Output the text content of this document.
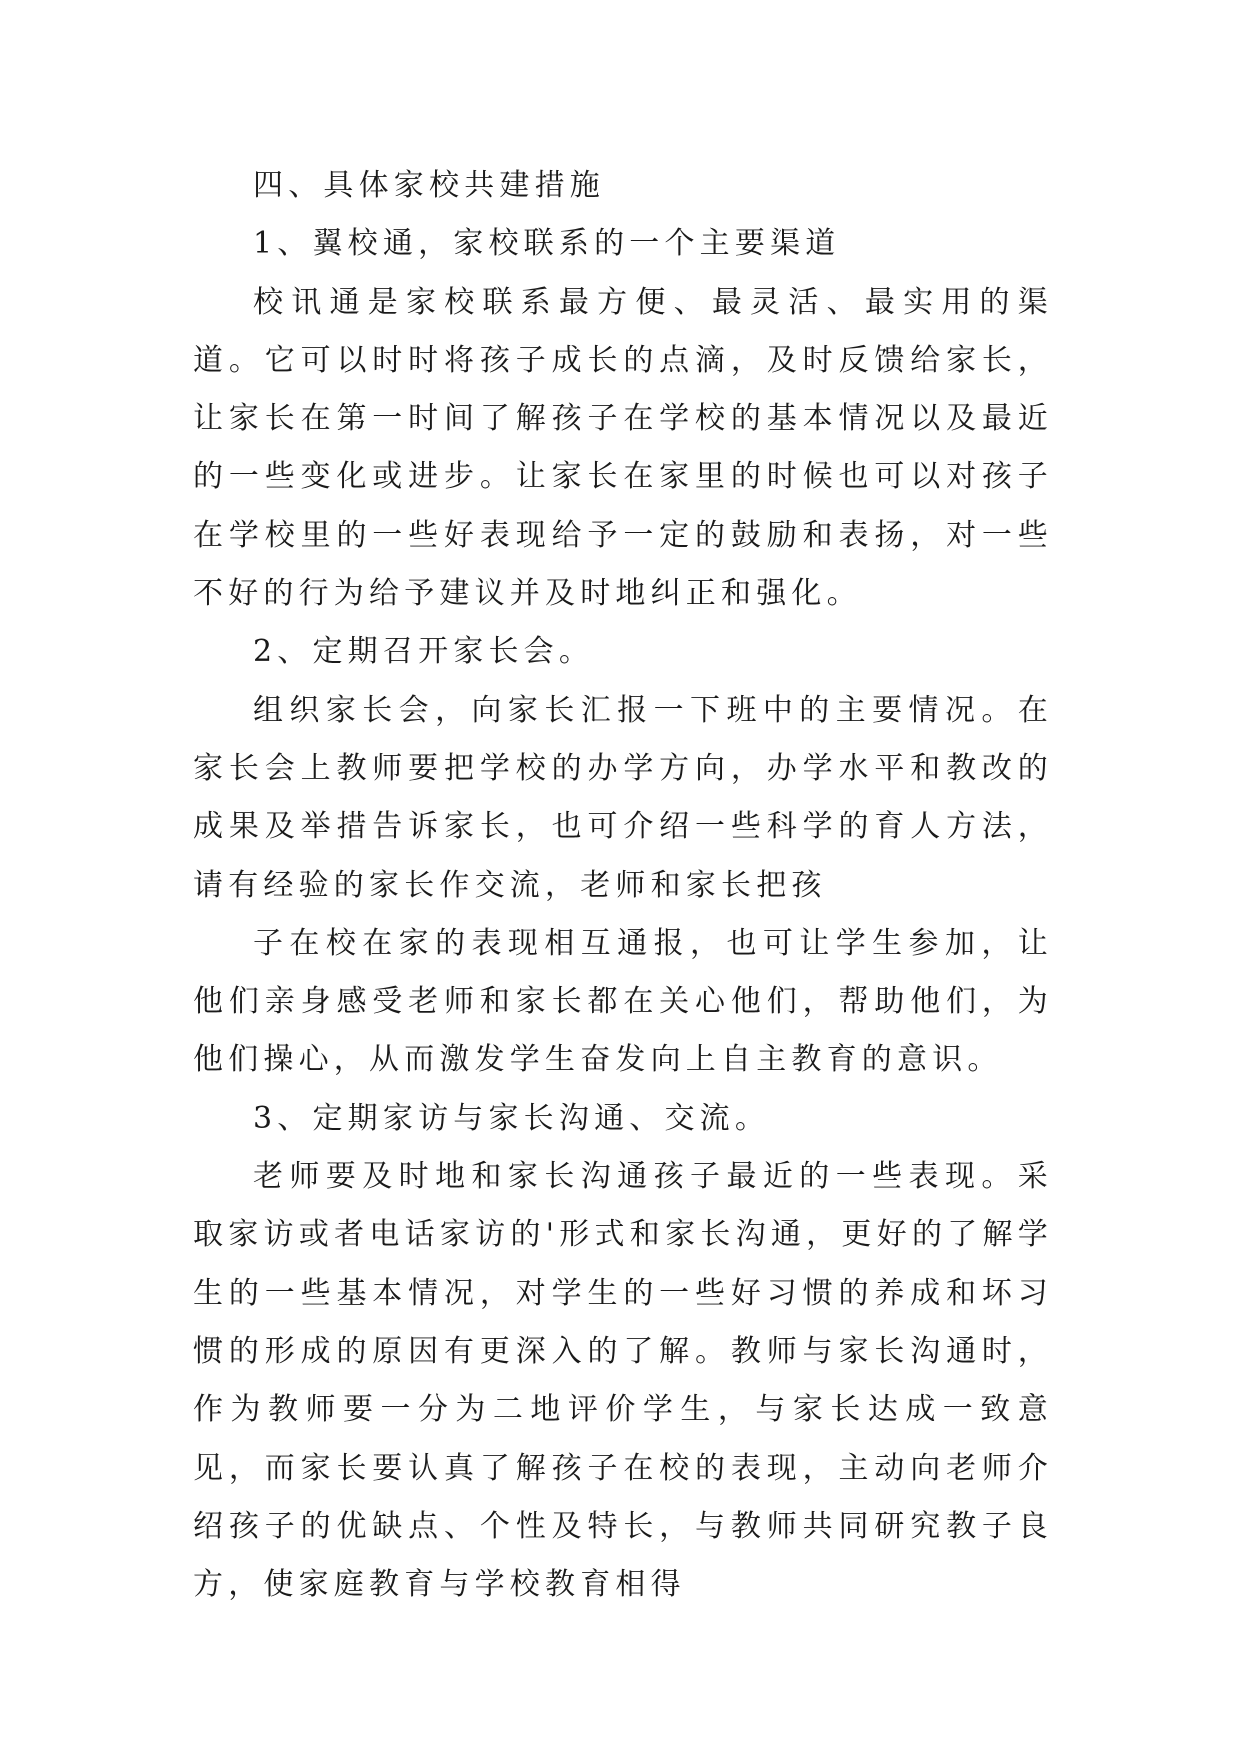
四、具体家校共建措施

1、翼校通，家校联系的一个主要渠道

校讯通是家校联系最方便、最灵活、最实用的渠道。它可以时时将孩子成长的点滴，及时反馈给家长，让家长在第一时间了解孩子在学校的基本情况以及最近的一些变化或进步。让家长在家里的时候也可以对孩子在学校里的一些好表现给予一定的鼓励和表扬，对一些不好的行为给予建议并及时地纠正和强化。

2、定期召开家长会。

组织家长会，向家长汇报一下班中的主要情况。在家长会上教师要把学校的办学方向，办学水平和教改的成果及举措告诉家长，也可介绍一些科学的育人方法，请有经验的家长作交流，老师和家长把孩

子在校在家的表现相互通报，也可让学生参加，让他们亲身感受老师和家长都在关心他们，帮助他们，为他们操心，从而激发学生奋发向上自主教育的意识。

3、定期家访与家长沟通、交流。

老师要及时地和家长沟通孩子最近的一些表现。采取家访或者电话家访的'形式和家长沟通，更好的了解学生的一些基本情况，对学生的一些好习惯的养成和坏习惯的形成的原因有更深入的了解。教师与家长沟通时，作为教师要一分为二地评价学生，与家长达成一致意见，而家长要认真了解孩子在校的表现，主动向老师介绍孩子的优缺点、个性及特长，与教师共同研究教子良方，使家庭教育与学校教育相得
